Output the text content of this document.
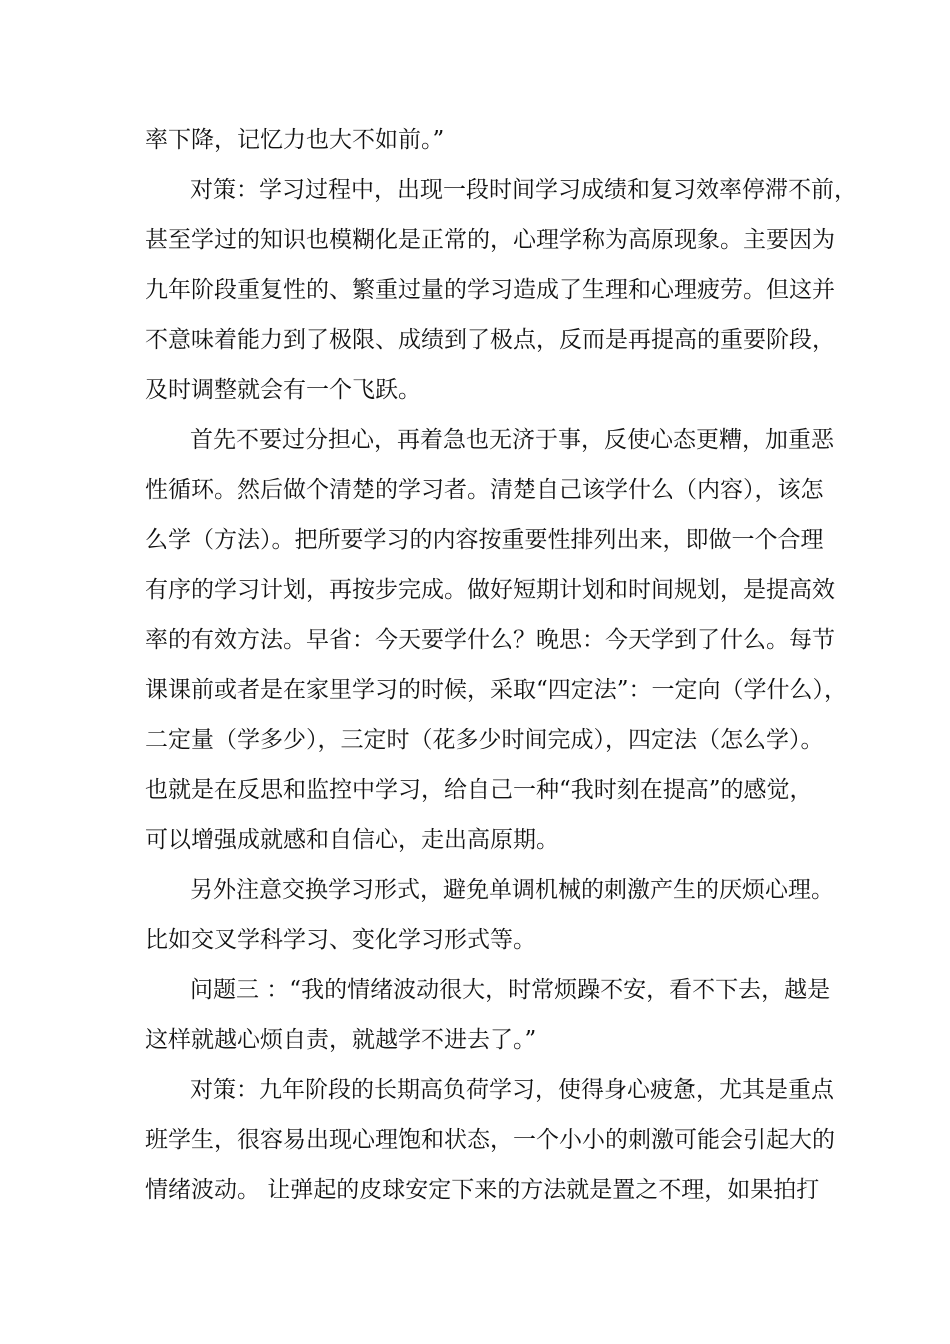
率下降，记忆力也大不如前。”
对策：学习过程中，出现一段时间学习成绩和复习效率停滞不前，
甚至学过的知识也模糊化是正常的，心理学称为高原现象。主要因为
九年阶段重复性的、繁重过量的学习造成了生理和心理疲劳。但这并
不意味着能力到了极限、成绩到了极点，反而是再提高的重要阶段，
及时调整就会有一个飞跃。
首先不要过分担心，再着急也无济于事，反使心态更糟，加重恶
性循环。然后做个清楚的学习者。清楚自己该学什么（内容），该怎
么学（方法）。把所要学习的内容按重要性排列出来，即做一个合理
有序的学习计划，再按步完成。做好短期计划和时间规划，是提高效
率的有效方法。早省：今天要学什么？晚思：今天学到了什么。每节
课课前或者是在家里学习的时候，采取“四定法”：一定向（学什么），
二定量（学多少），三定时（花多少时间完成），四定法（怎么学）。
也就是在反思和监控中学习，给自己一种“我时刻在提高”的感觉，
可以增强成就感和自信心，走出高原期。
另外注意交换学习形式，避免单调机械的刺激产生的厌烦心理。
比如交叉学科学习、变化学习形式等。
问题三 ：“我的情绪波动很大，时常烦躁不安，看不下去，越是
这样就越心烦自责，就越学不进去了。”
对策：九年阶段的长期高负荷学习，使得身心疲惫，尤其是重点
班学生，很容易出现心理饱和状态，一个小小的刺激可能会引起大的
情绪波动。 让弹起的皮球安定下来的方法就是置之不理，如果拍打
